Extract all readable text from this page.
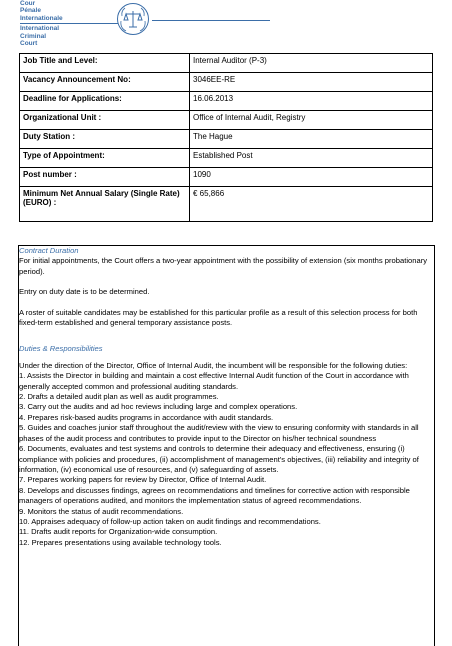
Cour
Pénale
Internationale
International
Criminal
Court
Job Title and Level:	Internal Auditor (P-3)
Vacancy Announcement No:	3046EE-RE
Deadline for Applications:	16.06.2013
Organizational Unit :	Office of Internal Audit, Registry
Duty Station :	The Hague
Type of Appointment:	Established Post
Post number :	1090
Minimum Net Annual Salary (Single Rate) (EURO) :	€ 65,866

Contract Duration

For initial appointments, the Court offers a two-year appointment with the possibility of extension (six months probationary period).

Entry on duty date is to be determined.

A roster of suitable candidates may be established for this particular profile as a result of this selection process for both fixed-term established and general temporary assistance posts.

Duties & Responsibilities

Under the direction of the Director, Office of Internal Audit, the incumbent will be responsible for the following duties:

1. Assists the Director in building and maintain a cost effective Internal Audit function of the Court in accordance with generally accepted common and professional auditing standards.

2. Drafts a detailed audit plan as well as audit programmes.

3. Carry out the audits and ad hoc reviews including large and complex operations.

4. Prepares risk-based audits programs in accordance with audit standards.

5. Guides and coaches junior staff throughout the audit/review with the view to ensuring conformity with standards in all phases of the audit process and contributes to provide input to the Director on his/her technical soundness

6. Documents, evaluates and test systems and controls to determine their adequacy and effectiveness, ensuring (i) compliance with policies and procedures, (ii) accomplishment of management's objectives, (iii) reliability and integrity of information, (iv) economical use of resources, and (v) safeguarding of assets.

7. Prepares working papers for review by Director, Office of Internal Audit.

8. Develops and discusses findings, agrees on recommendations and timelines for corrective action with responsible managers of operations audited, and monitors the implementation status of agreed recommendations.

9. Monitors the status of audit recommendations.

10. Appraises adequacy of follow-up action taken on audit findings and recommendations.

11. Drafts audit reports for Organization-wide consumption.

12. Prepares presentations using available technology tools.
